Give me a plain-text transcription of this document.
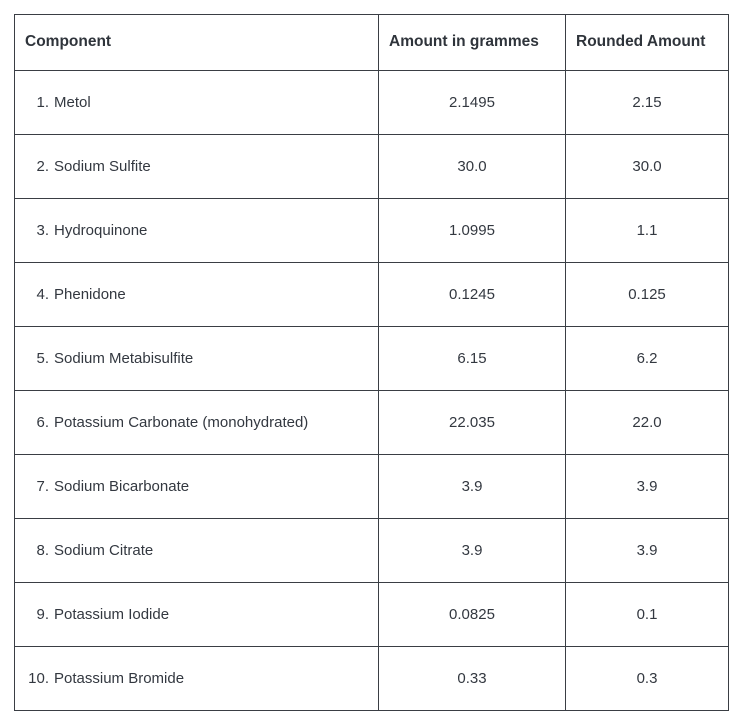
Component	Amount in grammes	Rounded Amount
1. Metol	2.1495	2.15
2. Sodium Sulfite	30.0	30.0
3. Hydroquinone	1.0995	1.1
4. Phenidone	0.1245	0.125
5. Sodium Metabisulfite	6.15	6.2
6. Potassium Carbonate (monohydrated)	22.035	22.0
7. Sodium Bicarbonate	3.9	3.9
8. Sodium Citrate	3.9	3.9
9. Potassium Iodide	0.0825	0.1
10. Potassium Bromide	0.33	0.3
